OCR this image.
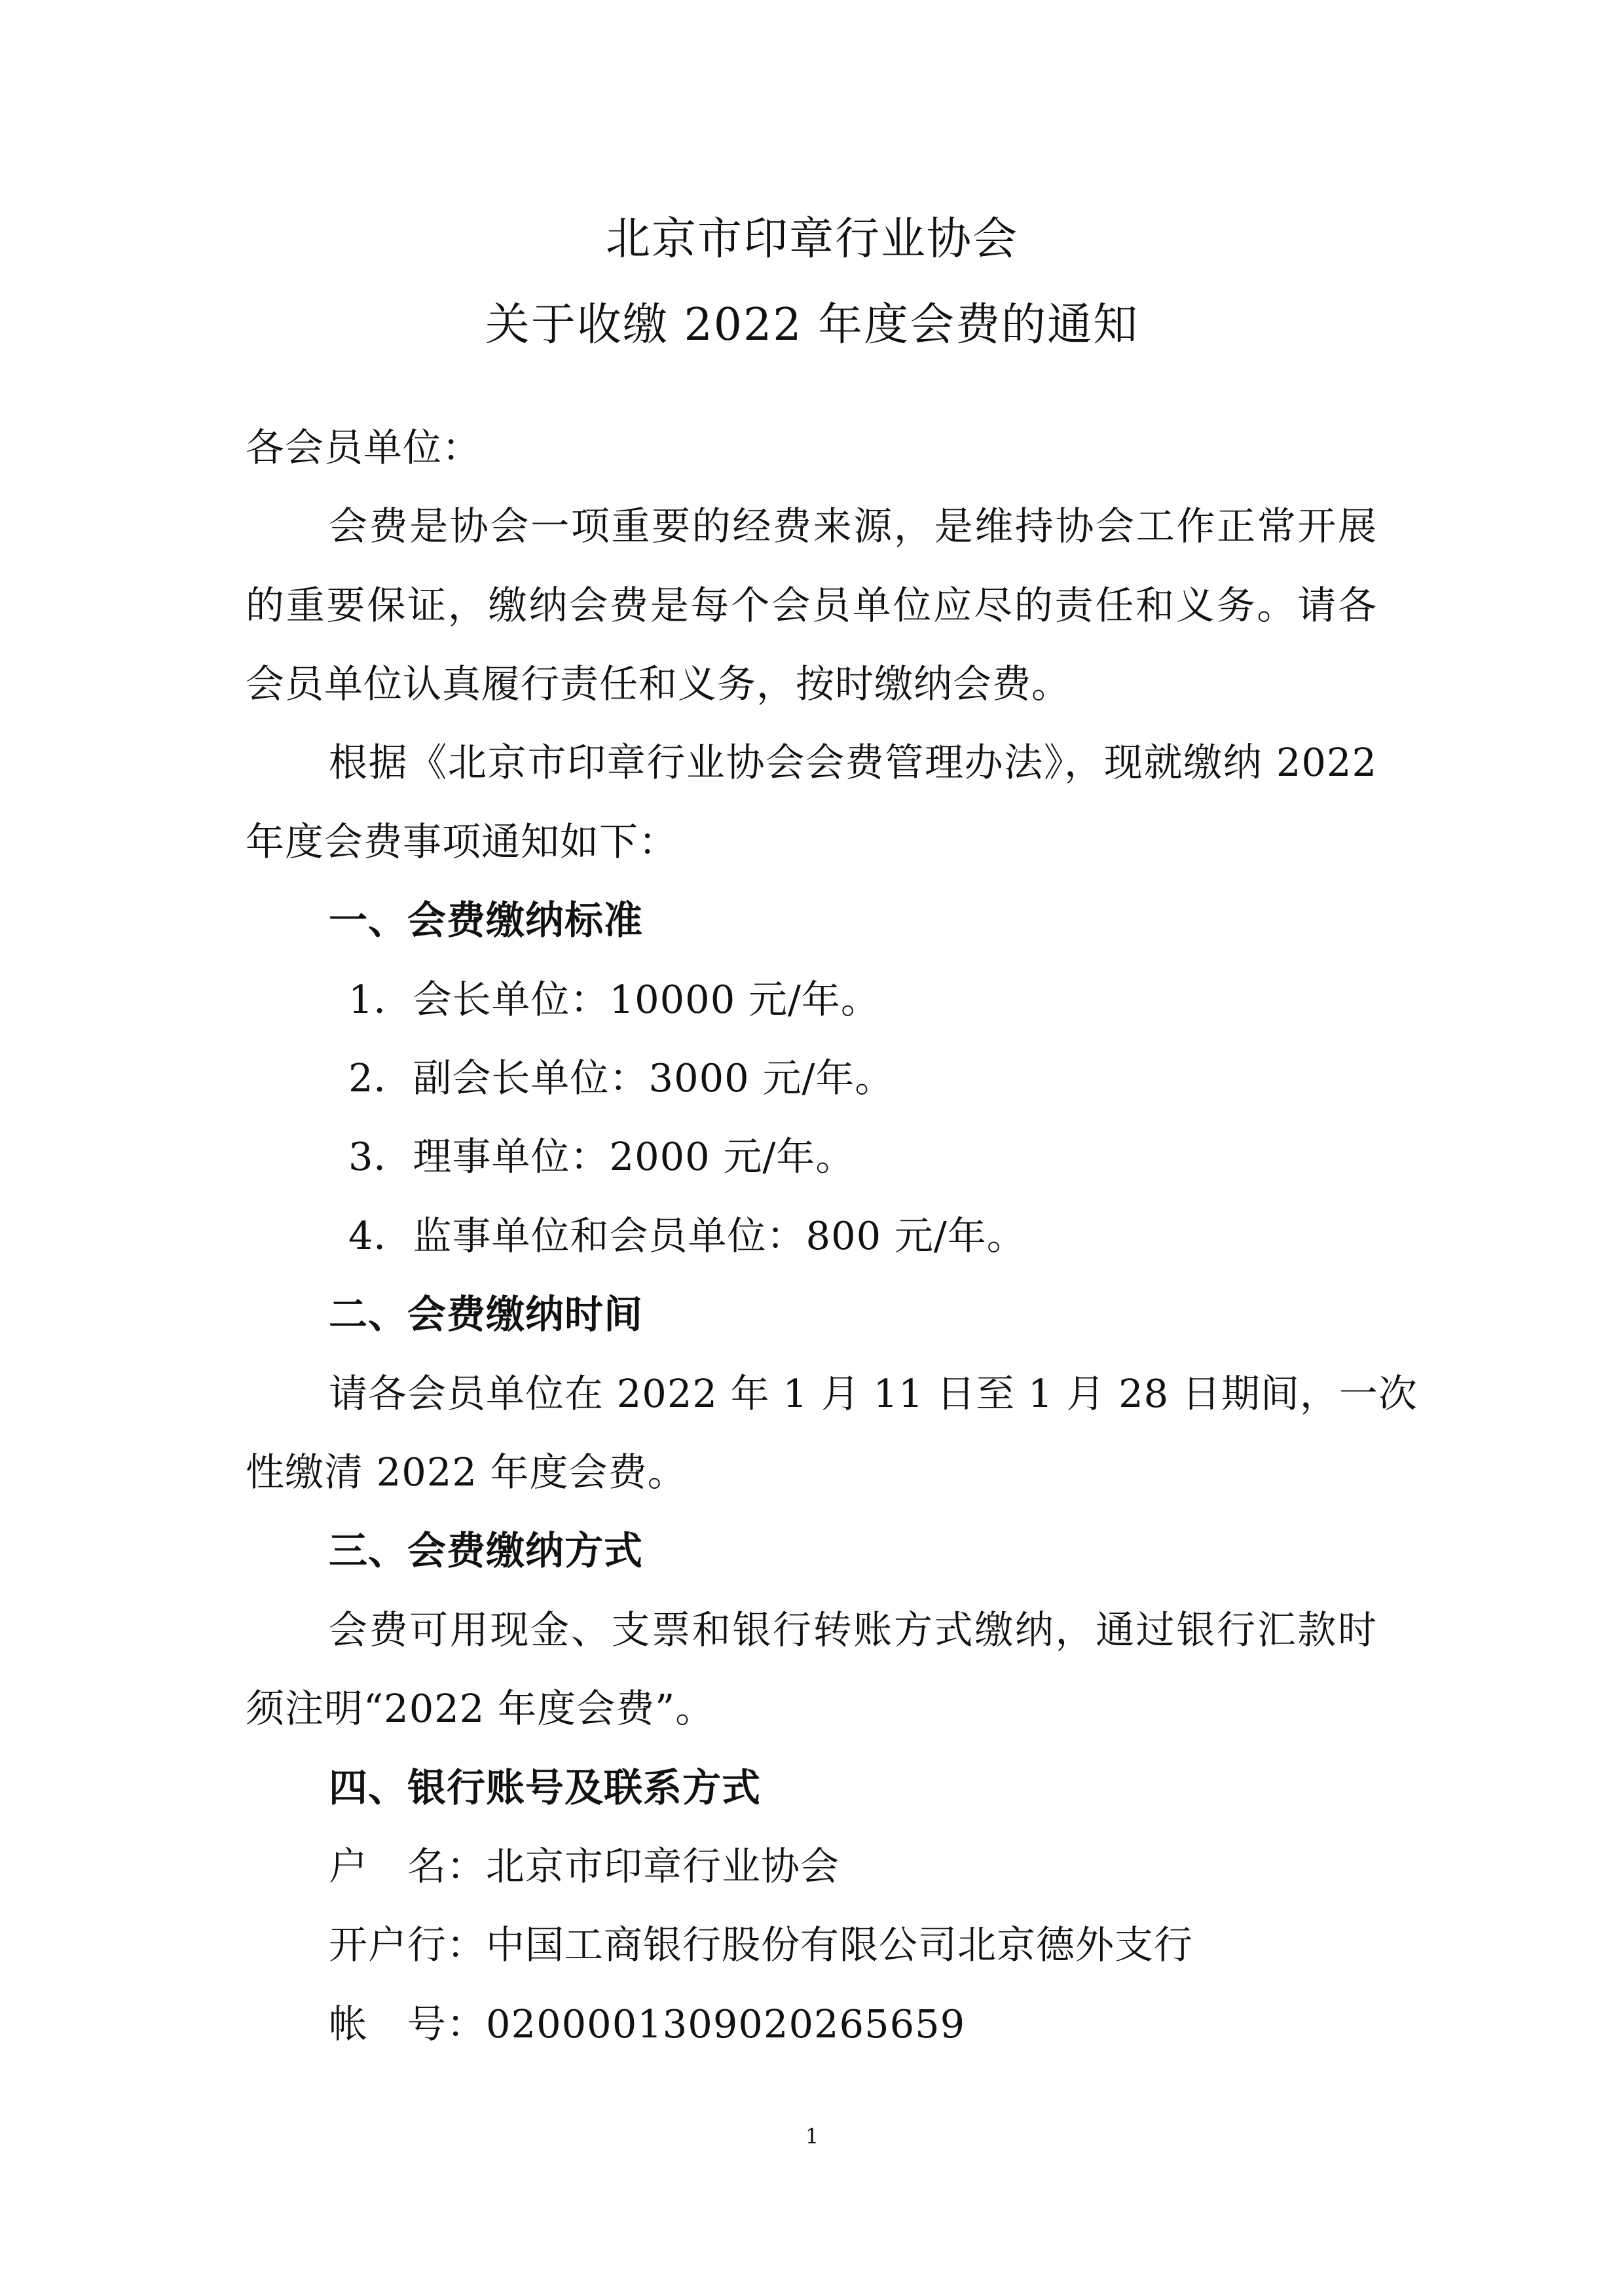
北京市印章行业协会
关于收缴 2022 年度会费的通知
各会员单位：
会费是协会一项重要的经费来源，是维持协会工作正常开展
的重要保证，缴纳会费是每个会员单位应尽的责任和义务。请各
会员单位认真履行责任和义务，按时缴纳会费。
根据《北京市印章行业协会会费管理办法》，现就缴纳 2022
年度会费事项通知如下：
一、会费缴纳标准
1．会长单位：10000 元/年。
2．副会长单位：3000 元/年。
3．理事单位：2000 元/年。
4．监事单位和会员单位：800 元/年。
二、会费缴纳时间
请各会员单位在 2022 年 1 月 11 日至 1 月 28 日期间，一次
性缴清 2022 年度会费。
三、会费缴纳方式
会费可用现金、支票和银行转账方式缴纳，通过银行汇款时
须注明“2022 年度会费”。
四、银行账号及联系方式
户　名：北京市印章行业协会
开户行：中国工商银行股份有限公司北京德外支行
帐　号：0200001309020265659
1
